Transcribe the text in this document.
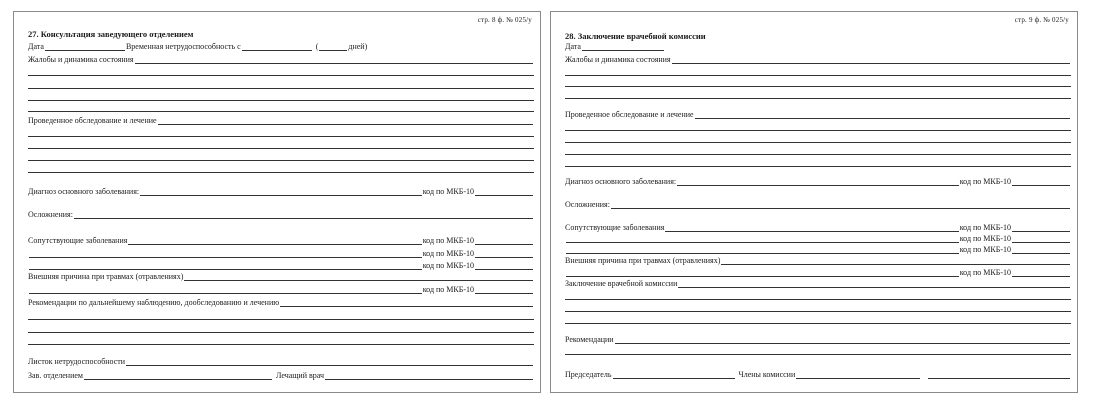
стр. 8 ф. № 025/у
27. Консультация заведующего отделением
Дата	Временная нетрудоспособность с	(	дней)
Жалобы и динамика состояния
Проведенное обследование и лечение
Диагноз основного заболевания:	код по МКБ-10
Осложнения:
Сопутствующие заболевания	код по МКБ-10
код по МКБ-10
код по МКБ-10
Внешняя причина при травмах (отравлениях)
код по МКБ-10
Рекомендации по дальнейшему наблюдению, дообследованию и лечению
Листок нетрудоспособности
Зав. отделением	Лечащий врач
стр. 9 ф. № 025/у
28. Заключение врачебной комиссии
Дата
Жалобы и динамика состояния
Проведенное обследование и лечение
Диагноз основного заболевания:	код по МКБ-10
Осложнения:
Сопутствующие заболевания	код по МКБ-10
код по МКБ-10
код по МКБ-10
Внешняя причина при травмах (отравлениях)
код по МКБ-10
Заключение врачебной комиссии
Рекомендации
Председатель	Члены комиссии
